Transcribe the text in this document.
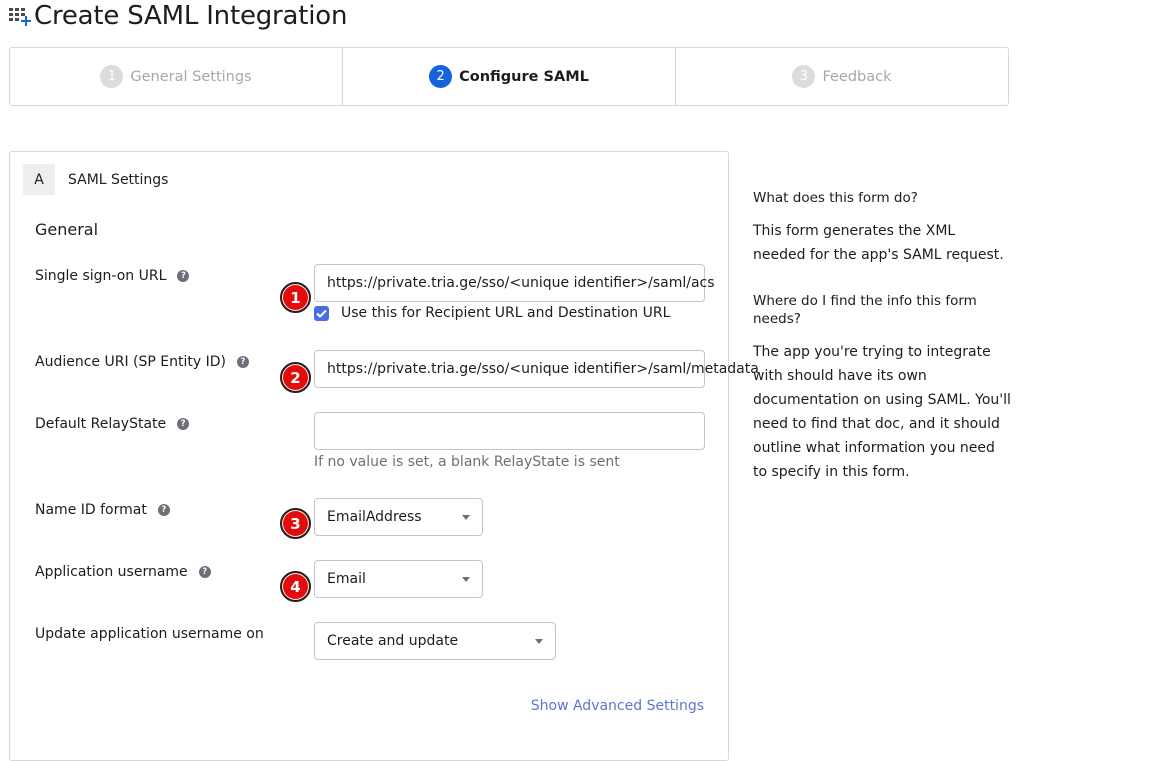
Create SAML Integration
1 General Settings	2 Configure SAML	3 Feedback
A	SAML Settings
General
Single sign-on URL	?	https://private.tria.ge/sso/<unique identifier>/saml/acs
Use this for Recipient URL and Destination URL
Audience URI (SP Entity ID)	?	https://private.tria.ge/sso/<unique identifier>/saml/metadata
Default RelayState	?
If no value is set, a blank RelayState is sent
Name ID format	?	EmailAddress
Application username	?	Email
Update application username on	Create and update
1
2
3
4
Show Advanced Settings
What does this form do?
This form generates the XML needed for the app's SAML request.
Where do I find the info this form needs?
The app you're trying to integrate with should have its own documentation on using SAML. You'll need to find that doc, and it should outline what information you need to specify in this form.
